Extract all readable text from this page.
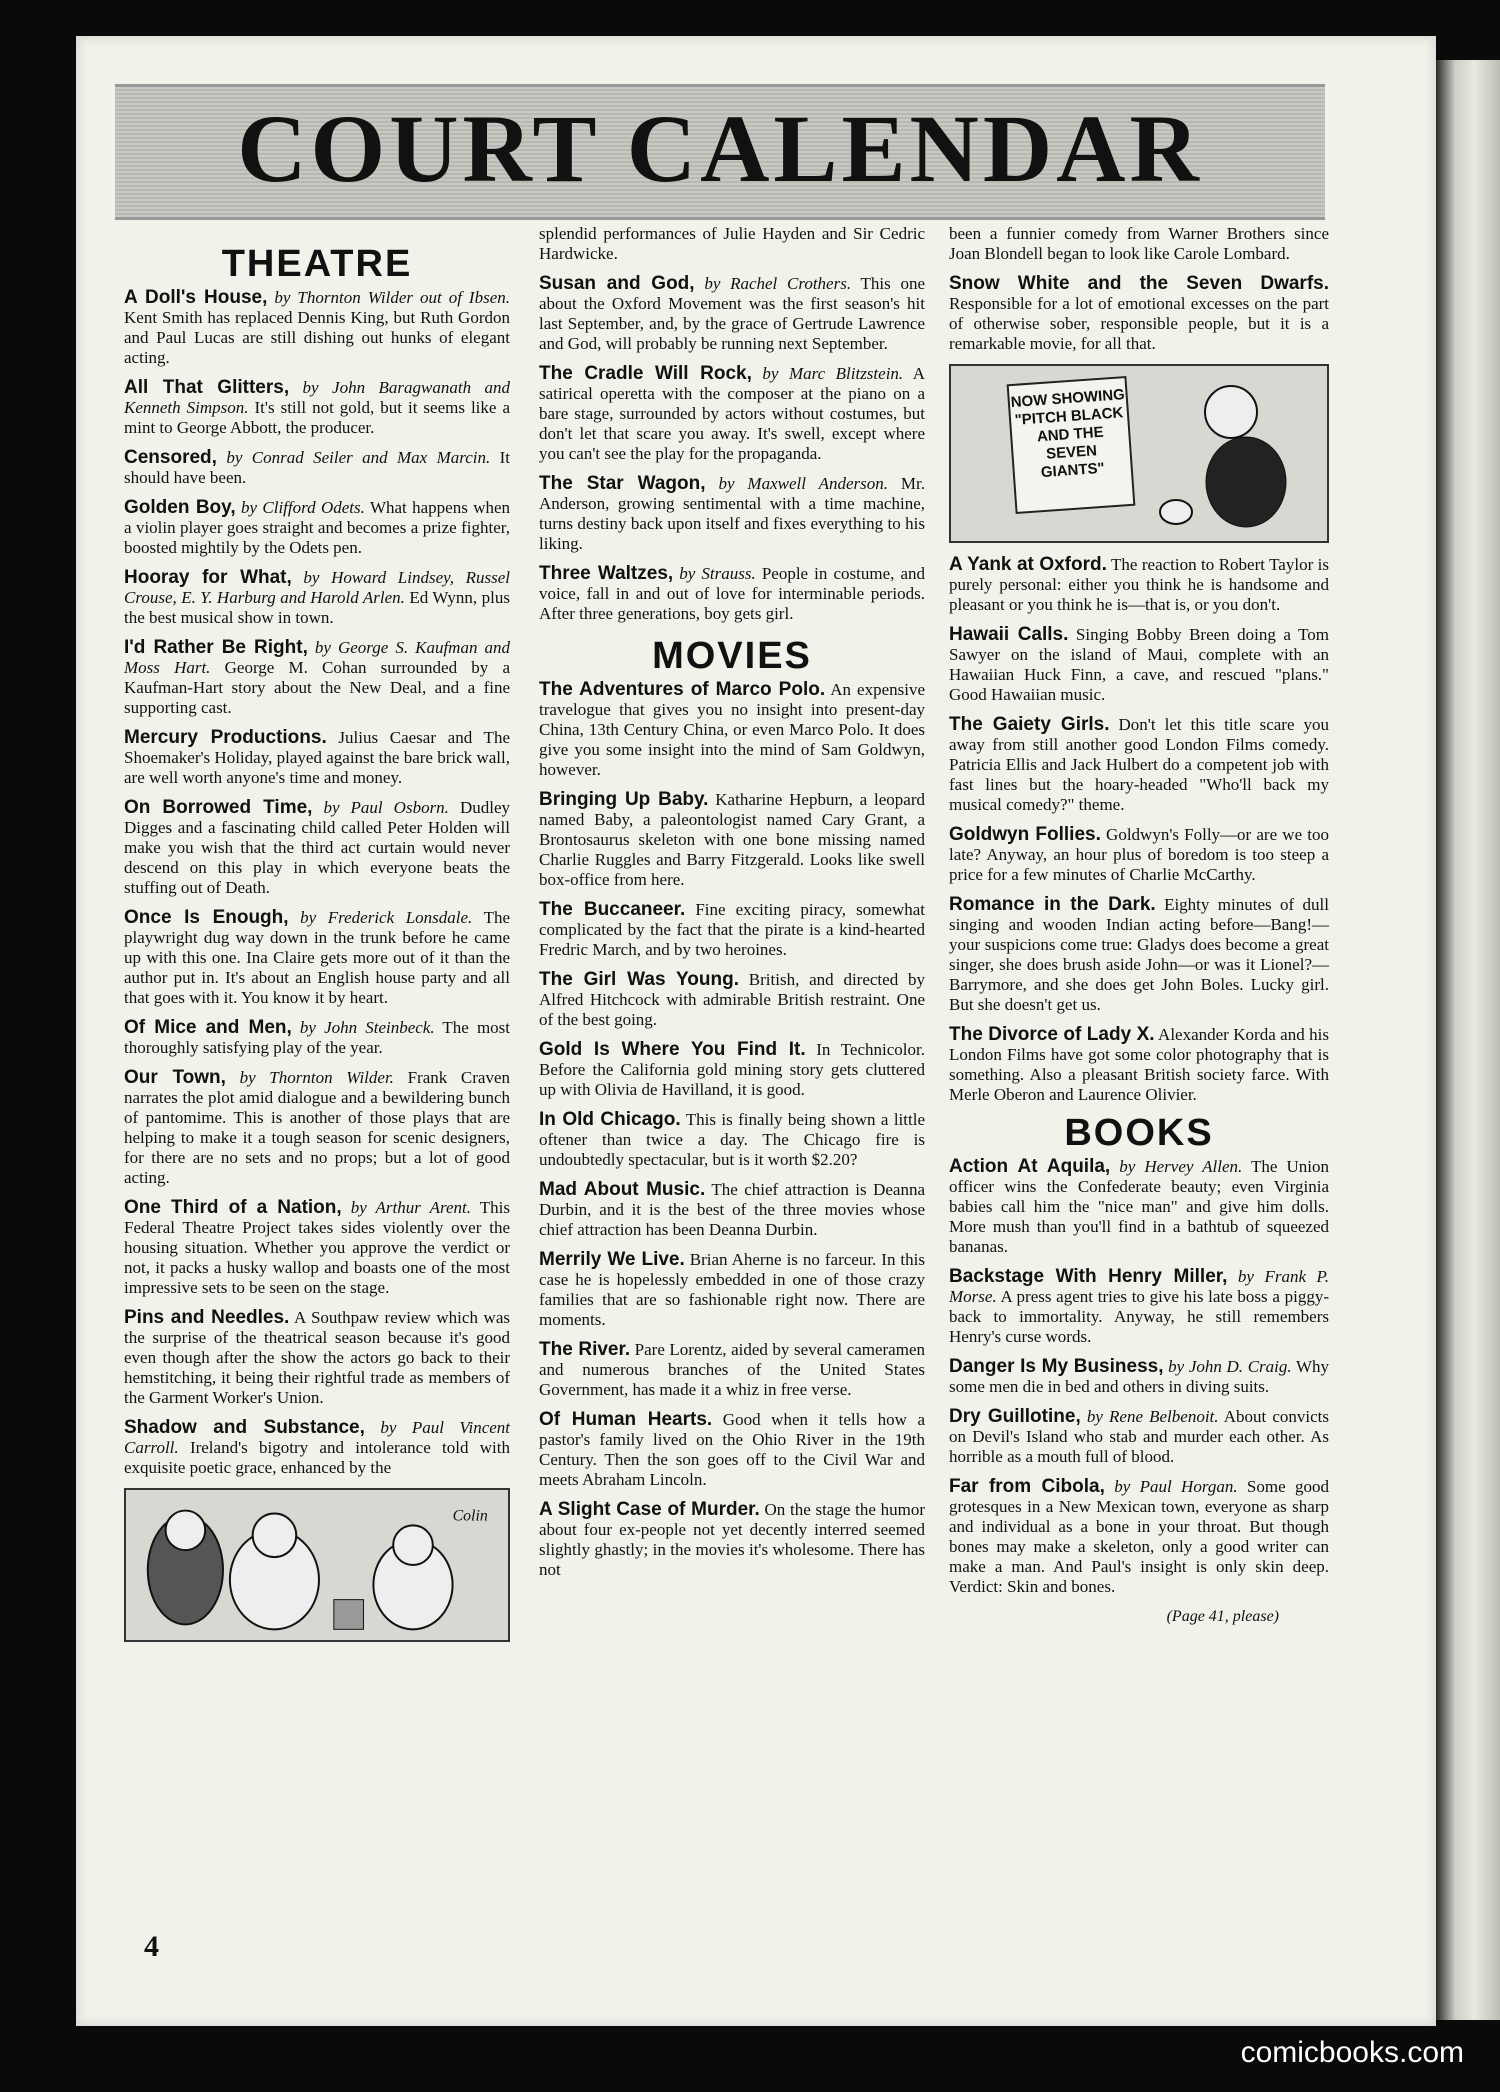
COURT CALENDAR
THEATRE
A Doll's House, by Thornton Wilder out of Ibsen. Kent Smith has replaced Dennis King, but Ruth Gordon and Paul Lucas are still dishing out hunks of elegant acting.
All That Glitters, by John Baragwanath and Kenneth Simpson. It's still not gold, but it seems like a mint to George Abbott, the producer.
Censored, by Conrad Seiler and Max Marcin. It should have been.
Golden Boy, by Clifford Odets. What happens when a violin player goes straight and becomes a prize fighter, boosted mightily by the Odets pen.
Hooray for What, by Howard Lindsey, Russel Crouse, E. Y. Harburg and Harold Arlen. Ed Wynn, plus the best musical show in town.
I'd Rather Be Right, by George S. Kaufman and Moss Hart. George M. Cohan surrounded by a Kaufman-Hart story about the New Deal, and a fine supporting cast.
Mercury Productions. Julius Caesar and The Shoemaker's Holiday, played against the bare brick wall, are well worth anyone's time and money.
On Borrowed Time, by Paul Osborn. Dudley Digges and a fascinating child called Peter Holden will make you wish that the third act curtain would never descend on this play in which everyone beats the stuffing out of Death.
Once Is Enough, by Frederick Lonsdale. The playwright dug way down in the trunk before he came up with this one. Ina Claire gets more out of it than the author put in. It's about an English house party and all that goes with it. You know it by heart.
Of Mice and Men, by John Steinbeck. The most thoroughly satisfying play of the year.
Our Town, by Thornton Wilder. Frank Craven narrates the plot amid dialogue and a bewildering bunch of pantomime. This is another of those plays that are helping to make it a tough season for scenic designers, for there are no sets and no props; but a lot of good acting.
One Third of a Nation, by Arthur Arent. This Federal Theatre Project takes sides violently over the housing situation. Whether you approve the verdict or not, it packs a husky wallop and boasts one of the most impressive sets to be seen on the stage.
Pins and Needles. A Southpaw review which was the surprise of the theatrical season because it's good even though after the show the actors go back to their hemstitching, it being their rightful trade as members of the Garment Worker's Union.
Shadow and Substance, by Paul Vincent Carroll. Ireland's bigotry and intolerance told with exquisite poetic grace, enhanced by the
Colin
splendid performances of Julie Hayden and Sir Cedric Hardwicke.
Susan and God, by Rachel Crothers. This one about the Oxford Movement was the first season's hit last September, and, by the grace of Gertrude Lawrence and God, will probably be running next September.
The Cradle Will Rock, by Marc Blitzstein. A satirical operetta with the composer at the piano on a bare stage, surrounded by actors without costumes, but don't let that scare you away. It's swell, except where you can't see the play for the propaganda.
The Star Wagon, by Maxwell Anderson. Mr. Anderson, growing sentimental with a time machine, turns destiny back upon itself and fixes everything to his liking.
Three Waltzes, by Strauss. People in costume, and voice, fall in and out of love for interminable periods. After three generations, boy gets girl.
MOVIES
The Adventures of Marco Polo. An expensive travelogue that gives you no insight into present-day China, 13th Century China, or even Marco Polo. It does give you some insight into the mind of Sam Goldwyn, however.
Bringing Up Baby. Katharine Hepburn, a leopard named Baby, a paleontologist named Cary Grant, a Brontosaurus skeleton with one bone missing named Charlie Ruggles and Barry Fitzgerald. Looks like swell box-office from here.
The Buccaneer. Fine exciting piracy, somewhat complicated by the fact that the pirate is a kind-hearted Fredric March, and by two heroines.
The Girl Was Young. British, and directed by Alfred Hitchcock with admirable British restraint. One of the best going.
Gold Is Where You Find It. In Technicolor. Before the California gold mining story gets cluttered up with Olivia de Havilland, it is good.
In Old Chicago. This is finally being shown a little oftener than twice a day. The Chicago fire is undoubtedly spectacular, but is it worth $2.20?
Mad About Music. The chief attraction is Deanna Durbin, and it is the best of the three movies whose chief attraction has been Deanna Durbin.
Merrily We Live. Brian Aherne is no farceur. In this case he is hopelessly embedded in one of those crazy families that are so fashionable right now. There are moments.
The River. Pare Lorentz, aided by several cameramen and numerous branches of the United States Government, has made it a whiz in free verse.
Of Human Hearts. Good when it tells how a pastor's family lived on the Ohio River in the 19th Century. Then the son goes off to the Civil War and meets Abraham Lincoln.
A Slight Case of Murder. On the stage the humor about four ex-people not yet decently interred seemed slightly ghastly; in the movies it's wholesome. There has not
been a funnier comedy from Warner Brothers since Joan Blondell began to look like Carole Lombard.
Snow White and the Seven Dwarfs. Responsible for a lot of emotional excesses on the part of otherwise sober, responsible people, but it is a remarkable movie, for all that.
NOW SHOWING "PITCH BLACK AND THE SEVEN GIANTS"
A Yank at Oxford. The reaction to Robert Taylor is purely personal: either you think he is handsome and pleasant or you think he is—that is, or you don't.
Hawaii Calls. Singing Bobby Breen doing a Tom Sawyer on the island of Maui, complete with an Hawaiian Huck Finn, a cave, and rescued "plans." Good Hawaiian music.
The Gaiety Girls. Don't let this title scare you away from still another good London Films comedy. Patricia Ellis and Jack Hulbert do a competent job with fast lines but the hoary-headed "Who'll back my musical comedy?" theme.
Goldwyn Follies. Goldwyn's Folly—or are we too late? Anyway, an hour plus of boredom is too steep a price for a few minutes of Charlie McCarthy.
Romance in the Dark. Eighty minutes of dull singing and wooden Indian acting before—Bang!—your suspicions come true: Gladys does become a great singer, she does brush aside John—or was it Lionel?—Barrymore, and she does get John Boles. Lucky girl. But she doesn't get us.
The Divorce of Lady X. Alexander Korda and his London Films have got some color photography that is something. Also a pleasant British society farce. With Merle Oberon and Laurence Olivier.
BOOKS
Action At Aquila, by Hervey Allen. The Union officer wins the Confederate beauty; even Virginia babies call him the "nice man" and give him dolls. More mush than you'll find in a bathtub of squeezed bananas.
Backstage With Henry Miller, by Frank P. Morse. A press agent tries to give his late boss a piggy-back to immortality. Anyway, he still remembers Henry's curse words.
Danger Is My Business, by John D. Craig. Why some men die in bed and others in diving suits.
Dry Guillotine, by Rene Belbenoit. About convicts on Devil's Island who stab and murder each other. As horrible as a mouth full of blood.
Far from Cibola, by Paul Horgan. Some good grotesques in a New Mexican town, everyone as sharp and individual as a bone in your throat. But though bones may make a skeleton, only a good writer can make a man. And Paul's insight is only skin deep. Verdict: Skin and bones.
(Page 41, please)
4
comicbooks.com
